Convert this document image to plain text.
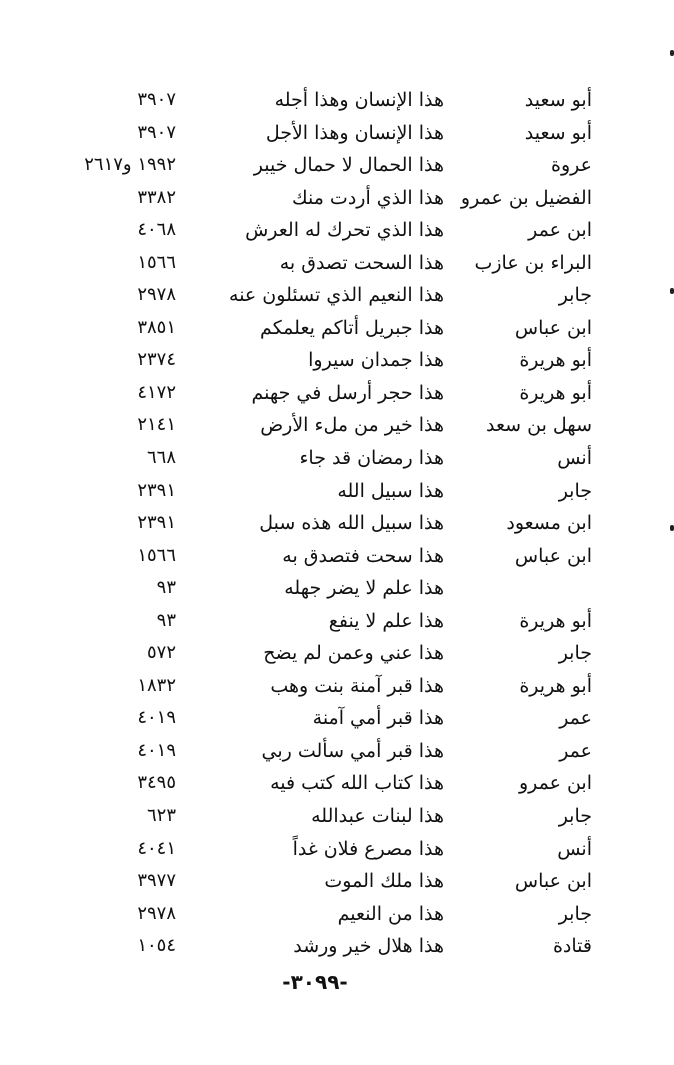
أبو سعيد
هذا الإنسان وهذا أجله
٣٩٠٧
أبو سعيد
هذا الإنسان وهذا الأجل
٣٩٠٧
عروة
هذا الحمال لا حمال خيبر
١٩٩٢ و٢٦١٧
الفضيل بن عمرو
هذا الذي أردت منك
٣٣٨٢
ابن عمر
هذا الذي تحرك له العرش
٤٠٦٨
البراء بن عازب
هذا السحت تصدق به
١٥٦٦
جابر
هذا النعيم الذي تسئلون عنه
٢٩٧٨
ابن عباس
هذا جبريل أتاكم يعلمكم
٣٨٥١
أبو هريرة
هذا جمدان سيروا
٢٣٧٤
أبو هريرة
هذا حجر أرسل في جهنم
٤١٧٢
سهل بن سعد
هذا خير من ملء الأرض
٢١٤١
أنس
هذا رمضان قد جاء
٦٦٨
جابر
هذا سبيل الله
٢٣٩١
ابن مسعود
هذا سبيل الله هذه سبل
٢٣٩١
ابن عباس
هذا سحت فتصدق به
١٥٦٦
هذا علم لا يضر جهله
٩٣
أبو هريرة
هذا علم لا ينفع
٩٣
جابر
هذا عني وعمن لم يضح
٥٧٢
أبو هريرة
هذا قبر آمنة بنت وهب
١٨٣٢
عمر
هذا قبر أمي آمنة
٤٠١٩
عمر
هذا قبر أمي سألت ربي
٤٠١٩
ابن عمرو
هذا كتاب الله كتب فيه
٣٤٩٥
جابر
هذا لبنات عبدالله
٦٢٣
أنس
هذا مصرع فلان غداً
٤٠٤١
ابن عباس
هذا ملك الموت
٣٩٧٧
جابر
هذا من النعيم
٢٩٧٨
قتادة
هذا هلال خير ورشد
١٠٥٤
-٣٠٩٩-
